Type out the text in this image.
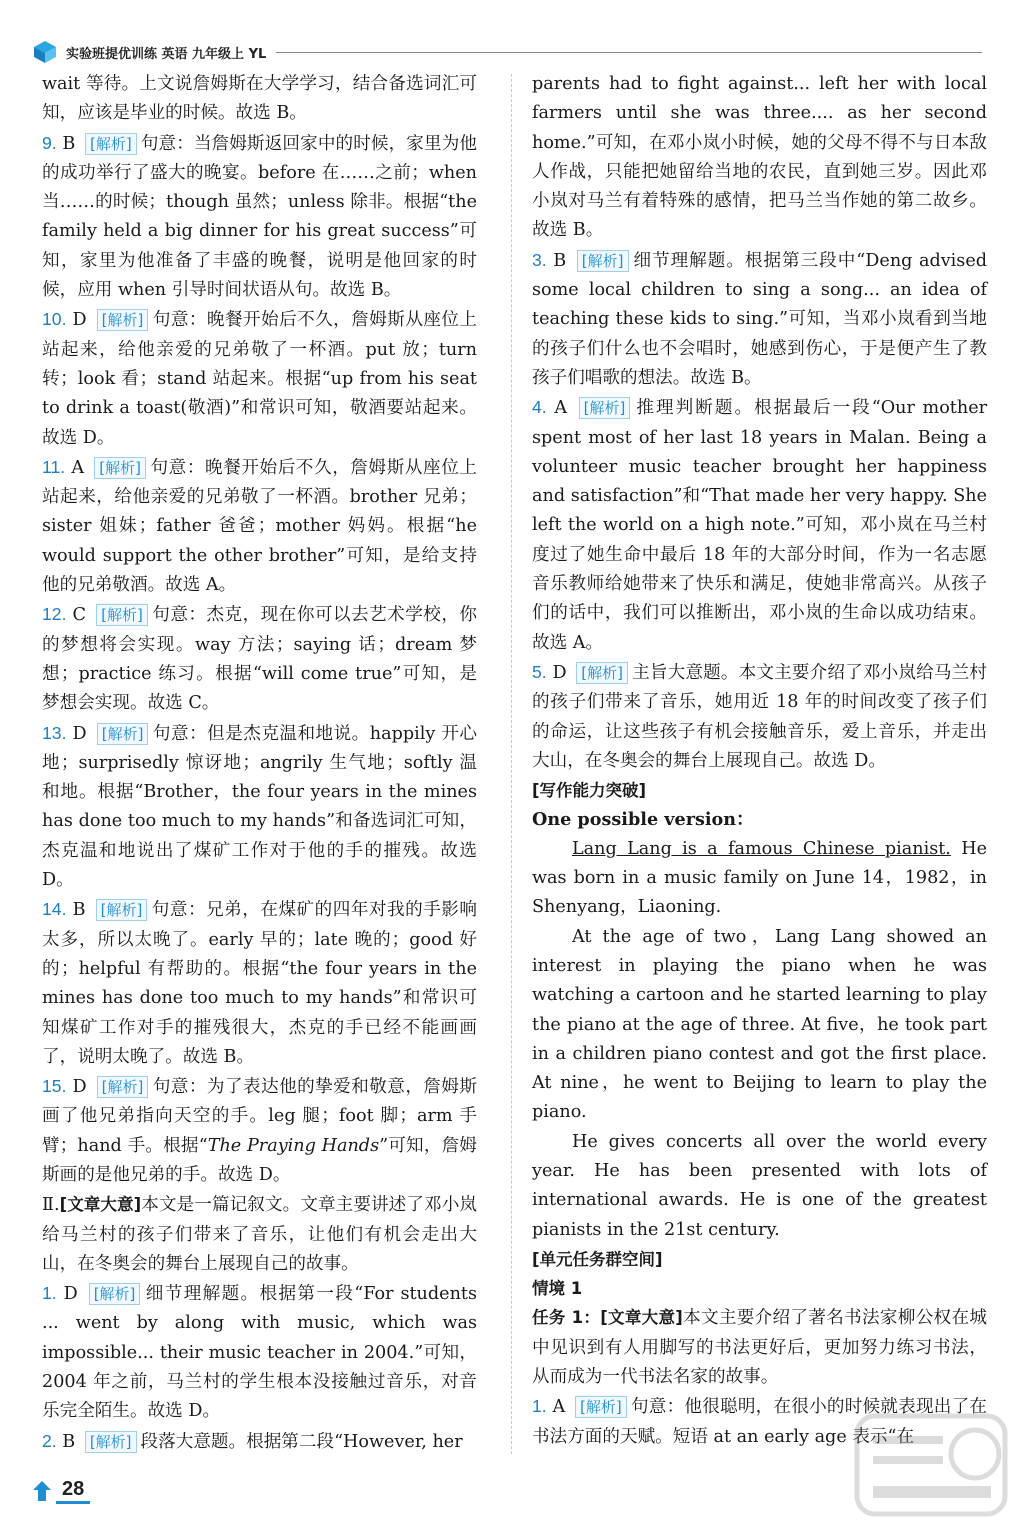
实验班提优训练 英语 九年级上 YL

wait 等待。上文说詹姆斯在大学学习，结合备选词汇可知，应该是毕业的时候。故选 B。

9. B [解析] 句意：当詹姆斯返回家中的时候，家里为他的成功举行了盛大的晚宴。before 在……之前；when 当……的时候；though 虽然；unless 除非。根据“the family held a big dinner for his great success”可知，家里为他准备了丰盛的晚餐，说明是他回家的时候，应用 when 引导时间状语从句。故选 B。

10. D [解析] 句意：晚餐开始后不久，詹姆斯从座位上站起来，给他亲爱的兄弟敬了一杯酒。put 放；turn 转；look 看；stand 站起来。根据“up from his seat to drink a toast(敬酒)”和常识可知，敬酒要站起来。故选 D。

11. A [解析] 句意：晚餐开始后不久，詹姆斯从座位上站起来，给他亲爱的兄弟敬了一杯酒。brother 兄弟；sister 姐妹；father 爸爸；mother 妈妈。根据“he would support the other brother”可知，是给支持他的兄弟敬酒。故选 A。

12. C [解析] 句意：杰克，现在你可以去艺术学校，你的梦想将会实现。way 方法；saying 话；dream 梦想；practice 练习。根据“will come true”可知，是梦想会实现。故选 C。

13. D [解析] 句意：但是杰克温和地说。happily 开心地；surprisedly 惊讶地；angrily 生气地；softly 温和地。根据“Brother，the four years in the mines has done too much to my hands”和备选词汇可知，杰克温和地说出了煤矿工作对于他的手的摧残。故选 D。

14. B [解析] 句意：兄弟，在煤矿的四年对我的手影响太多，所以太晚了。early 早的；late 晚的；good 好的；helpful 有帮助的。根据“the four years in the mines has done too much to my hands”和常识可知煤矿工作对手的摧残很大，杰克的手已经不能画画了，说明太晚了。故选 B。

15. D [解析] 句意：为了表达他的挚爱和敬意，詹姆斯画了他兄弟指向天空的手。leg 腿；foot 脚；arm 手臂；hand 手。根据“The Praying Hands”可知，詹姆斯画的是他兄弟的手。故选 D。

Ⅱ.[文章大意]本文是一篇记叙文。文章主要讲述了邓小岚给马兰村的孩子们带来了音乐，让他们有机会走出大山，在冬奥会的舞台上展现自己的故事。

1. D [解析] 细节理解题。根据第一段“For students ... went by along with music, which was impossible... their music teacher in 2004.”可知，2004 年之前，马兰村的学生根本没接触过音乐，对音乐完全陌生。故选 D。

2. B [解析] 段落大意题。根据第二段“However, her

parents had to fight against... left her with local farmers until she was three.... as her second home.”可知，在邓小岚小时候，她的父母不得不与日本敌人作战，只能把她留给当地的农民，直到她三岁。因此邓小岚对马兰有着特殊的感情，把马兰当作她的第二故乡。故选 B。

3. B [解析] 细节理解题。根据第三段中“Deng advised some local children to sing a song... an idea of teaching these kids to sing.”可知，当邓小岚看到当地的孩子们什么也不会唱时，她感到伤心，于是便产生了教孩子们唱歌的想法。故选 B。

4. A [解析] 推理判断题。根据最后一段“Our mother spent most of her last 18 years in Malan. Being a volunteer music teacher brought her happiness and satisfaction”和“That made her very happy. She left the world on a high note.”可知，邓小岚在马兰村度过了她生命中最后 18 年的大部分时间，作为一名志愿音乐教师给她带来了快乐和满足，使她非常高兴。从孩子们的话中，我们可以推断出，邓小岚的生命以成功结束。故选 A。

5. D [解析] 主旨大意题。本文主要介绍了邓小岚给马兰村的孩子们带来了音乐，她用近 18 年的时间改变了孩子们的命运，让这些孩子有机会接触音乐，爱上音乐，并走出大山，在冬奥会的舞台上展现自己。故选 D。

[写作能力突破]

One possible version：

Lang Lang is a famous Chinese pianist. He was born in a music family on June 14，1982，in Shenyang，Liaoning.

At the age of two，Lang Lang showed an interest in playing the piano when he was watching a cartoon and he started learning to play the piano at the age of three. At five，he took part in a children piano contest and got the first place. At nine，he went to Beijing to learn to play the piano.

He gives concerts all over the world every year. He has been presented with lots of international awards. He is one of the greatest pianists in the 21st century.

[单元任务群空间]

情境 1

任务 1：[文章大意]本文主要介绍了著名书法家柳公权在城中见识到有人用脚写的书法更好后，更加努力练习书法，从而成为一代书法名家的故事。

1. A [解析] 句意：他很聪明，在很小的时候就表现出了在书法方面的天赋。短语 at an early age 表示“在

28
